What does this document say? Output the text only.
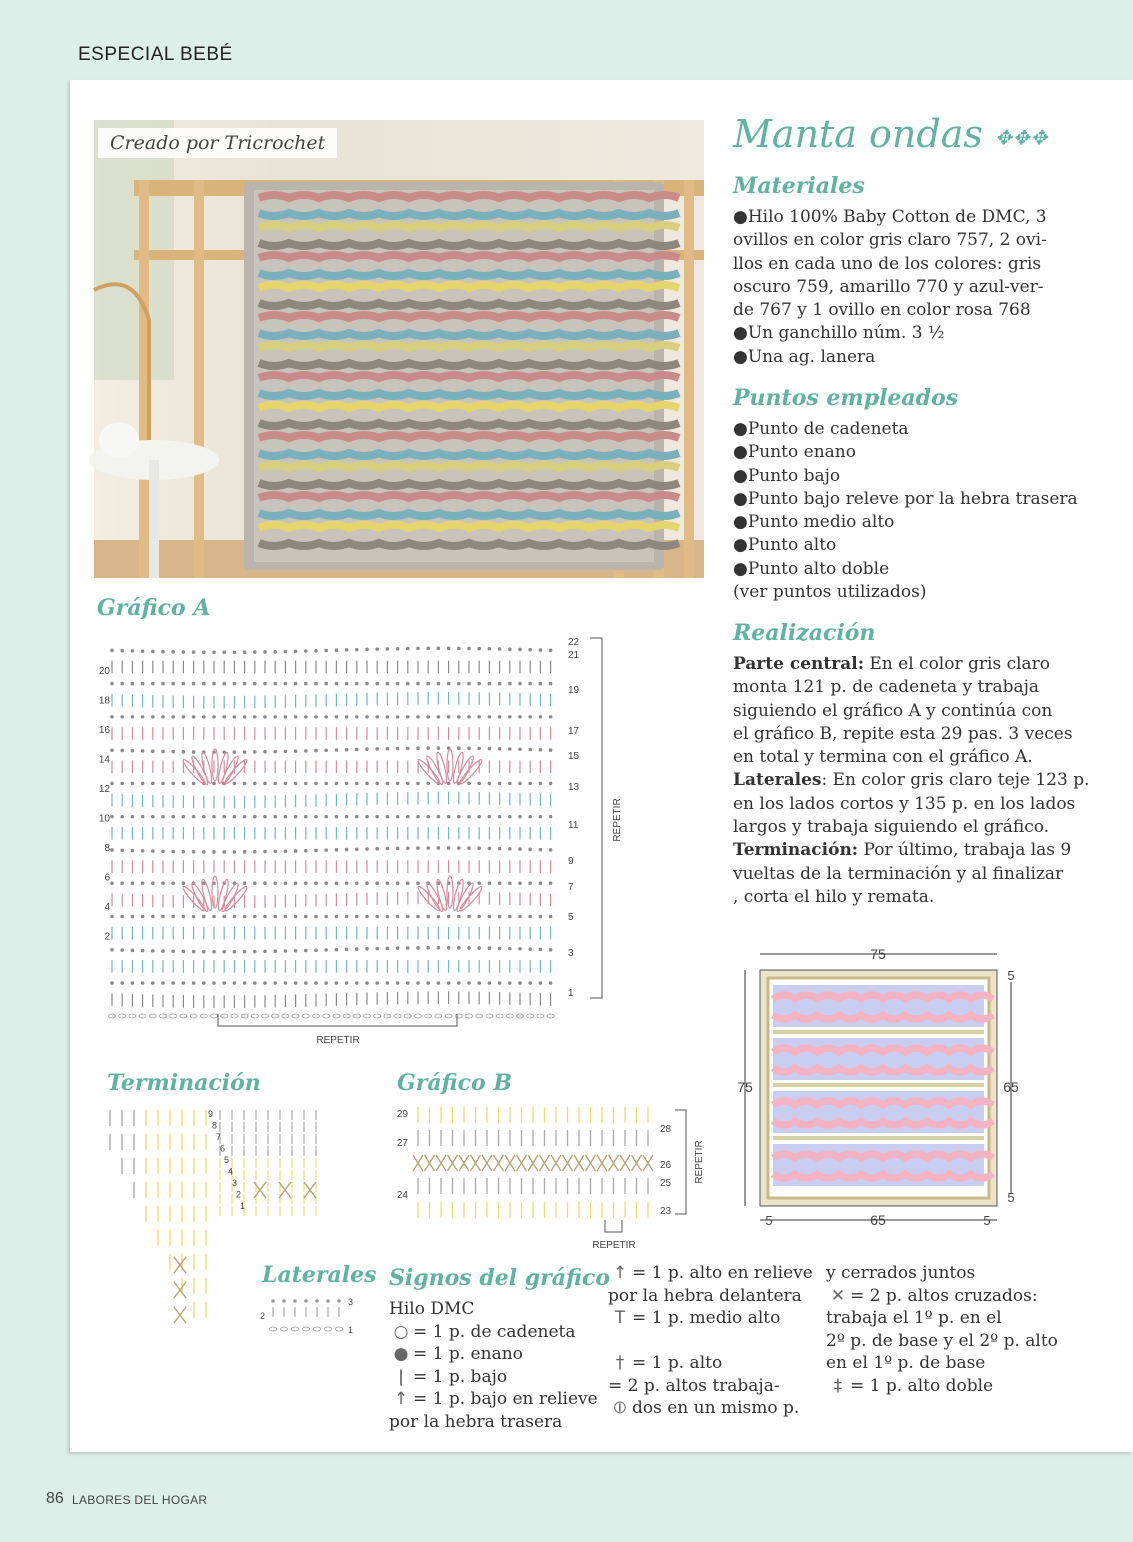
ESPECIAL BEBÉ
Creado por Tricrochet	Manta ondas ✥✥✥
Materiales
●Hilo 100% Baby Cotton de DMC, 3
ovillos en color gris claro 757, 2 ovi-
llos en cada uno de los colores: gris
oscuro 759, amarillo 770 y azul-ver-
de 767 y 1 ovillo en color rosa 768
●Un ganchillo núm. 3 ½
●Una ag. lanera
Puntos empleados
●Punto de cadeneta
●Punto enano
●Punto bajo
●Punto bajo releve por la hebra trasera
●Punto medio alto
●Punto alto
●Punto alto doble
(ver puntos utilizados)
Realización
Parte central: En el color gris claro
monta 121 p. de cadeneta y trabaja
siguiendo el gráfico A y continúa con
el gráfico B, repite esta 29 pas. 3 veces
en total y termina con el gráfico A.
Laterales: En color gris claro teje 123 p.
en los lados cortos y 135 p. en los lados
largos y trabaja siguiendo el gráfico.
Terminación: Por último, trabaja las 9
vueltas de la terminación y al finalizar
, corta el hilo y remata.
Gráfico A
20
18
16
14
12
10
8
6
4
2
22
21
19
17
15
13
11
9
7
5
3
1
REPETIR
REPETIR
Terminación
9
8
7
6
5
4
3
2
1
Laterales
3
2
1
Gráfico B
29
27
24
28
26
25
23
REPETIR
REPETIR
75
75	65
5
5
5	65	5
Signos del gráfico
Hilo DMC
○ = 1 p. de cadeneta
● = 1 p. enano
ǀ = 1 p. bajo
↑ = 1 p. bajo en relieve
por la hebra trasera
↑ = 1 p. alto en relieve
por la hebra delantera
T = 1 p. medio alto

† = 1 p. alto
= 2 p. altos trabaja-
⦶ dos en un mismo p.
y cerrados juntos
✕ = 2 p. altos cruzados:
trabaja el 1º p. en el
2º p. de base y el 2º p. alto
en el 1º p. de base
‡ = 1 p. alto doble
86 LABORES DEL HOGAR
